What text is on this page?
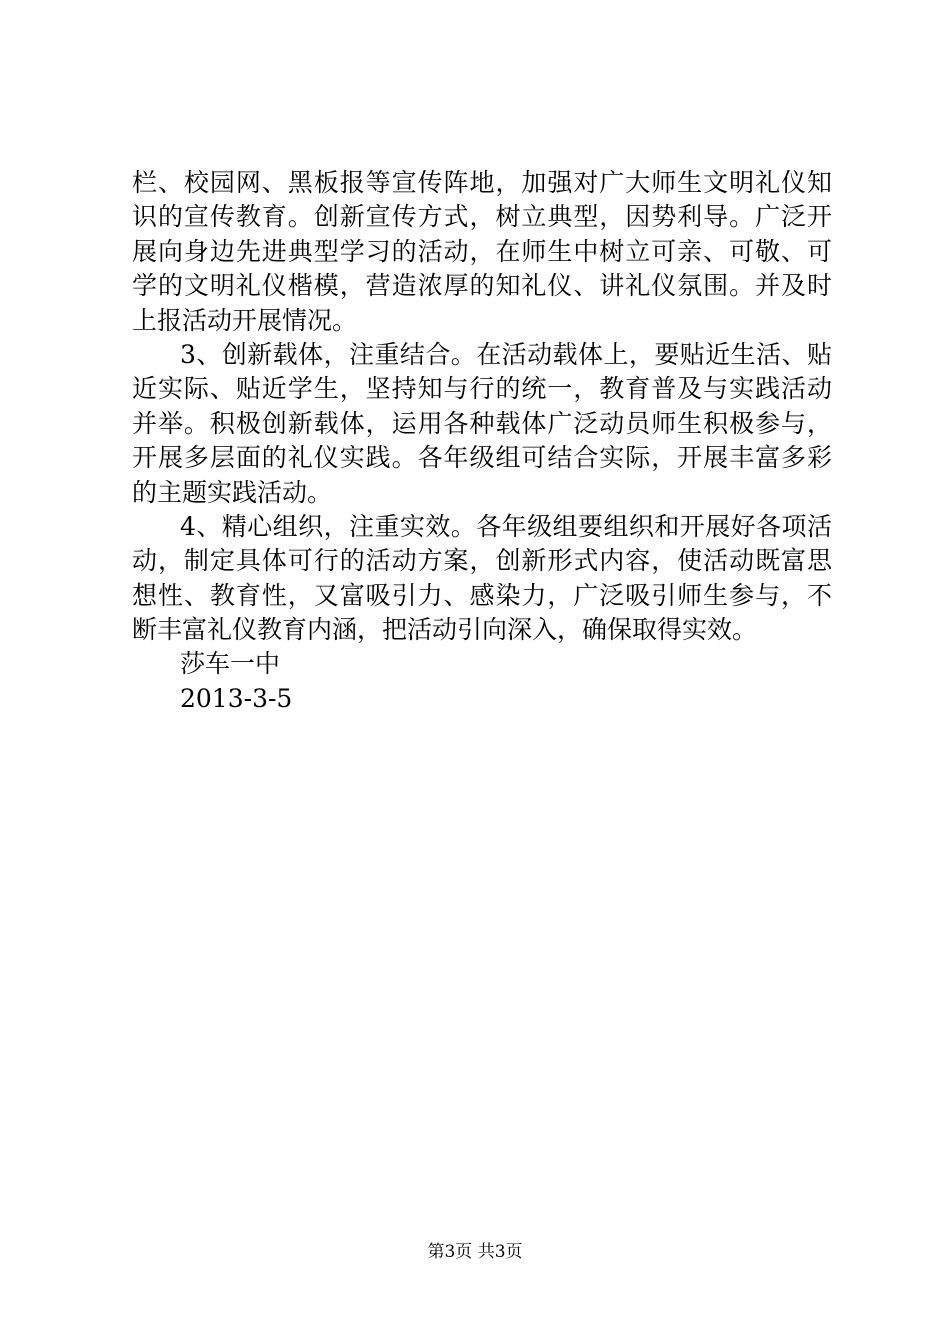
栏、校园网、黑板报等宣传阵地，加强对广大师生文明礼仪知
识的宣传教育。创新宣传方式，树立典型，因势利导。广泛开
展向身边先进典型学习的活动，在师生中树立可亲、可敬、可
学的文明礼仪楷模，营造浓厚的知礼仪、讲礼仪氛围。并及时
上报活动开展情况。
3、创新载体，注重结合。在活动载体上，要贴近生活、贴
近实际、贴近学生，坚持知与行的统一，教育普及与实践活动
并举。积极创新载体，运用各种载体广泛动员师生积极参与，
开展多层面的礼仪实践。各年级组可结合实际，开展丰富多彩
的主题实践活动。
4、精心组织，注重实效。各年级组要组织和开展好各项活
动，制定具体可行的活动方案，创新形式内容，使活动既富思
想性、教育性，又富吸引力、感染力，广泛吸引师生参与，不
断丰富礼仪教育内涵，把活动引向深入，确保取得实效。
莎车一中
2013-3-5
第3页 共3页
